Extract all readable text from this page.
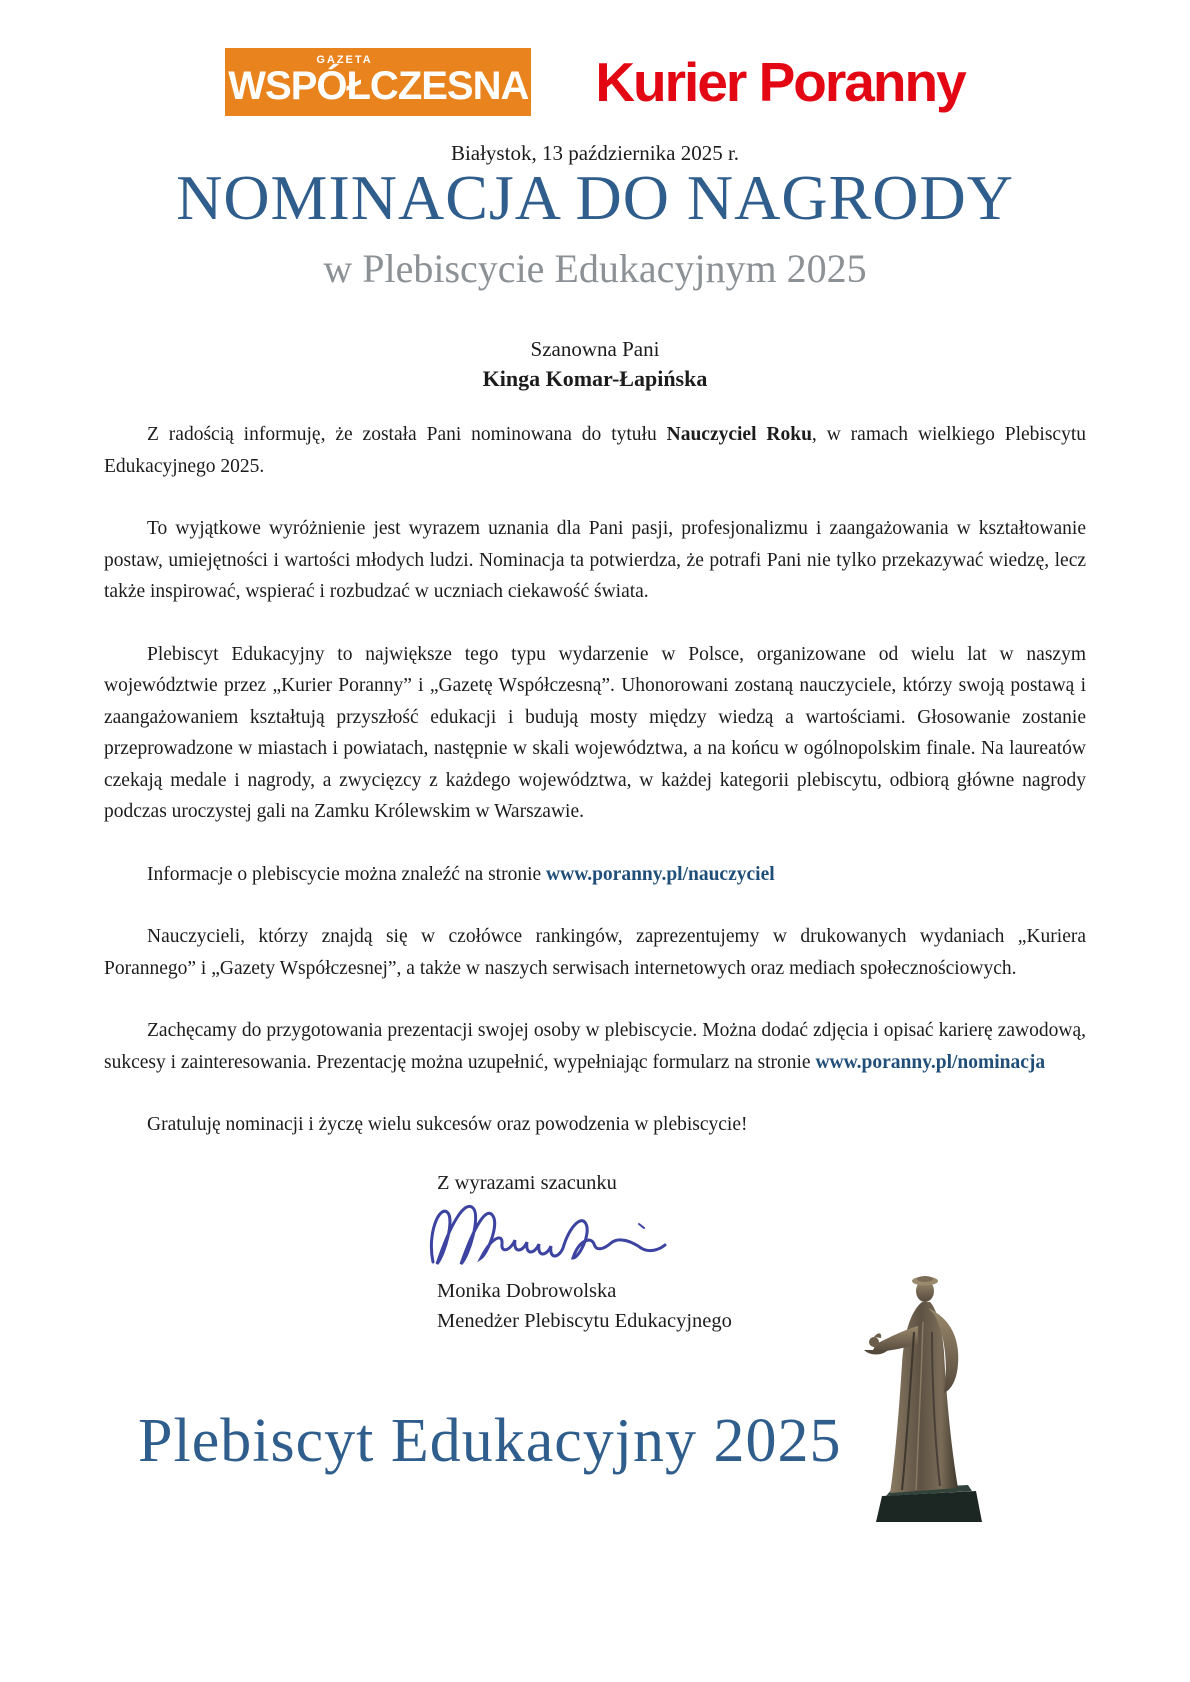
GAZETA
WSPÓŁCZESNA Kurier Poranny
Białystok, 13 października 2025 r.
NOMINACJA DO NAGRODY
w Plebiscycie Edukacyjnym 2025
Szanowna Pani
Kinga Komar-Łapińska

Z radością informuję, że została Pani nominowana do tytułu Nauczyciel Roku, w ramach wielkiego Plebiscytu Edukacyjnego 2025.

To wyjątkowe wyróżnienie jest wyrazem uznania dla Pani pasji, profesjonalizmu i zaangażowania w kształtowanie postaw, umiejętności i wartości młodych ludzi. Nominacja ta potwierdza, że potrafi Pani nie tylko przekazywać wiedzę, lecz także inspirować, wspierać i rozbudzać w uczniach ciekawość świata.

Plebiscyt Edukacyjny to największe tego typu wydarzenie w Polsce, organizowane od wielu lat w naszym województwie przez „Kurier Poranny” i „Gazetę Współczesną”. Uhonorowani zostaną nauczyciele, którzy swoją postawą i zaangażowaniem kształtują przyszłość edukacji i budują mosty między wiedzą a wartościami. Głosowanie zostanie przeprowadzone w miastach i powiatach, następnie w skali województwa, a na końcu w ogólnopolskim finale. Na laureatów czekają medale i nagrody, a zwycięzcy z każdego województwa, w każdej kategorii plebiscytu, odbiorą główne nagrody podczas uroczystej gali na Zamku Królewskim w Warszawie.

Informacje o plebiscycie można znaleźć na stronie www.poranny.pl/nauczyciel

Nauczycieli, którzy znajdą się w czołówce rankingów, zaprezentujemy w drukowanych wydaniach „Kuriera Porannego” i „Gazety Współczesnej”, a także w naszych serwisach internetowych oraz mediach społecznościowych.

Zachęcamy do przygotowania prezentacji swojej osoby w plebiscycie. Można dodać zdjęcia i opisać karierę zawodową, sukcesy i zainteresowania. Prezentację można uzupełnić, wypełniając formularz na stronie www.poranny.pl/nominacja

Gratuluję nominacji i życzę wielu sukcesów oraz powodzenia w plebiscycie!

Z wyrazami szacunku
Monika Dobrowolska
Menedżer Plebiscytu Edukacyjnego
Plebiscyt Edukacyjny 2025
